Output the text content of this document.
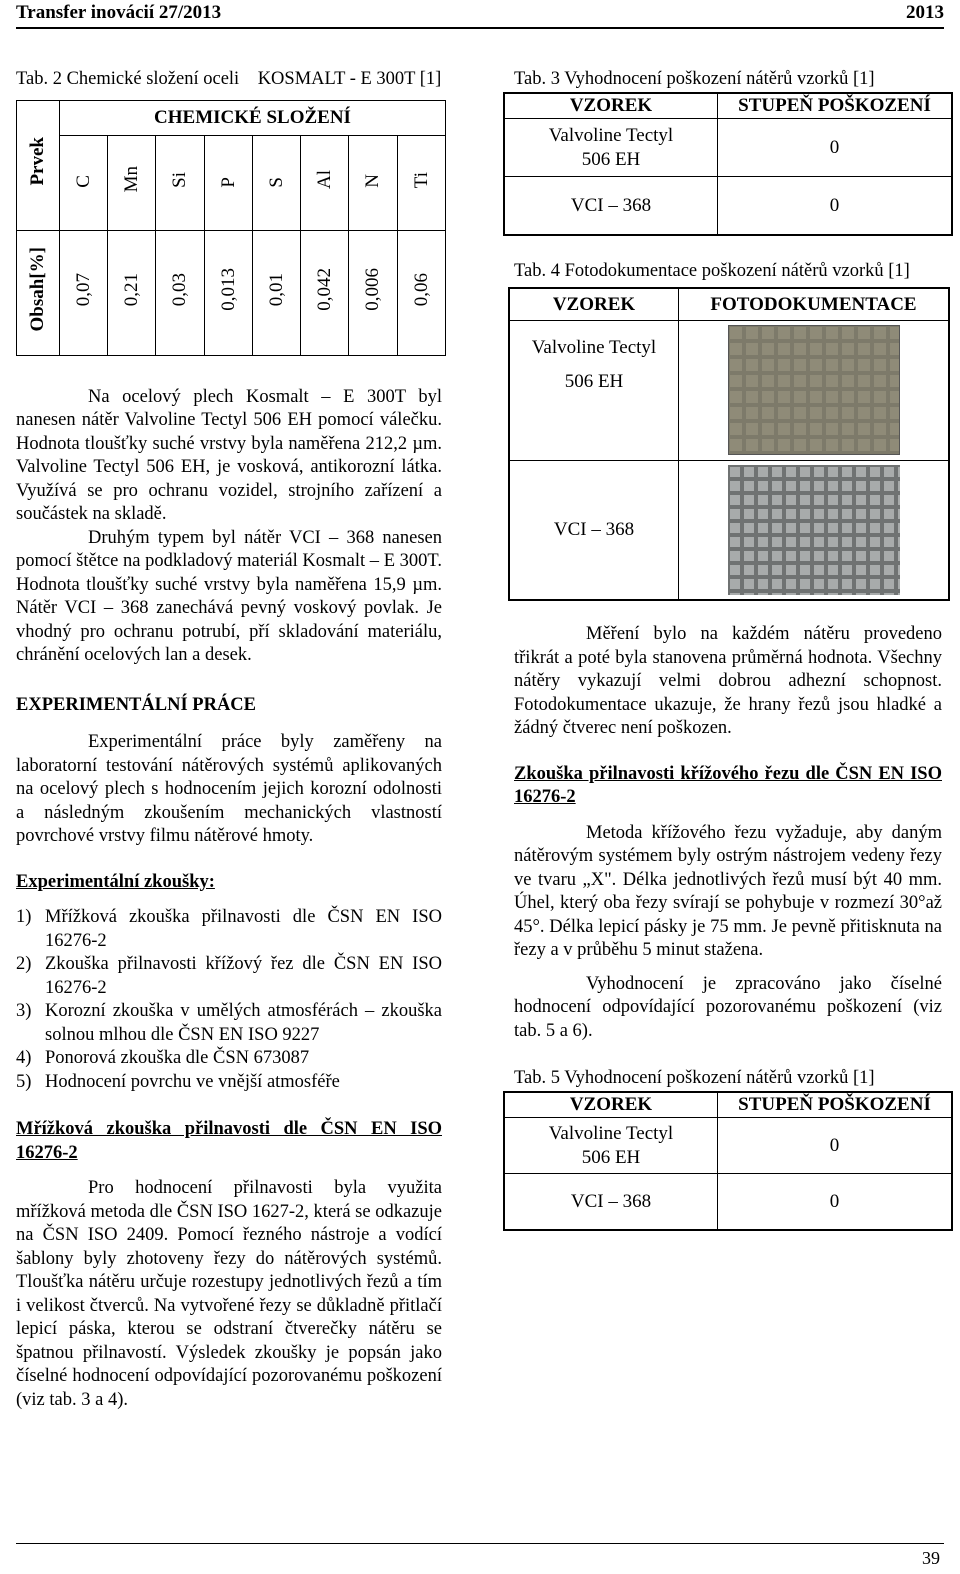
Transfer inovácií 27/2013	2013

Tab. 2 Chemické složení oceli    KOSMALT - E 300T [1]

Prvek	CHEMICKÉ SLOŽENÍ							
	C	Mn	Si	P	S	Al	N	Ti
Obsah[%]	0,07	0,21	0,03	0,013	0,01	0,042	0,006	0,06

Na ocelový plech Kosmalt – E 300T byl nanesen nátěr Valvoline Tectyl 506 EH pomocí válečku. Hodnota tloušťky suché vrstvy byla naměřena 212,2 µm. Valvoline Tectyl 506 EH, je vosková, antikorozní látka. Využívá se pro ochranu vozidel, strojního zařízení a součástek na skladě.

Druhým typem byl nátěr VCI – 368 nanesen pomocí štětce na podkladový materiál Kosmalt – E 300T. Hodnota tloušťky suché vrstvy byla naměřena 15,9 µm. Nátěr VCI – 368 zanechává pevný voskový povlak. Je vhodný pro ochranu potrubí, pří skladování materiálu, chránění ocelových lan a desek.

EXPERIMENTÁLNÍ PRÁCE

Experimentální práce byly zaměřeny na laboratorní testování nátěrových systémů aplikovaných na ocelový plech s hodnocením jejich korozní odolnosti a následným zkoušením mechanických vlastností povrchové vrstvy filmu nátěrové hmoty.

Experimentální zkoušky:

1) Mřížková zkouška přilnavosti dle ČSN EN ISO 16276-2
2) Zkouška přilnavosti křížový řez dle ČSN EN ISO 16276-2
3) Korozní zkouška v umělých atmosférách – zkouška solnou mlhou dle ČSN EN ISO 9227
4) Ponorová zkouška dle ČSN 673087
5) Hodnocení povrchu ve vnější atmosféře

Mřížková zkouška přilnavosti dle ČSN EN ISO 16276-2

Pro hodnocení přilnavosti byla využita mřížková metoda dle ČSN ISO 1627-2, která se odkazuje na ČSN ISO 2409. Pomocí řezného nástroje a vodící šablony byly zhotoveny řezy do nátěrových systémů. Tloušťka nátěru určuje rozestupy jednotlivých řezů a tím i velikost čtverců. Na vytvořené řezy se důkladně přitlačí lepicí páska, kterou se odstraní čtverečky nátěru se špatnou přilnavostí. Výsledek zkoušky je popsán jako číselné hodnocení odpovídající pozorovanému poškození (viz tab. 3 a 4).

Tab. 3 Vyhodnocení poškození nátěrů vzorků [1]

VZOREK	STUPEŇ POŠKOZENÍ

Valvoline Tectyl
506 EH	0
VCI – 368	0

Tab. 4 Fotodokumentace poškození nátěrů vzorků [1]

VZOREK	FOTODOKUMENTACE

Valvoline Tectyl
506 EH

VCI – 368	

Měření bylo na každém nátěru provedeno třikrát a poté byla stanovena průměrná hodnota. Všechny nátěry vykazují velmi dobrou adhezní schopnost. Fotodokumentace ukazuje, že hrany řezů jsou hladké a žádný čtverec není poškozen.

Zkouška přilnavosti křížového řezu dle ČSN EN ISO 16276-2

Metoda křížového řezu vyžaduje, aby daným nátěrovým systémem byly ostrým nástrojem vedeny řezy ve tvaru „X". Délka jednotlivých řezů musí být 40 mm. Úhel, který oba řezy svírají se pohybuje v rozmezí 30°až 45°. Délka lepicí pásky je 75 mm. Je pevně přitisknuta na řezy a v průběhu 5 minut stažena.

Vyhodnocení je zpracováno jako číselné hodnocení odpovídající pozorovanému poškození (viz tab. 5 a 6).

Tab. 5 Vyhodnocení poškození nátěrů vzorků [1]

VZOREK	STUPEŇ POŠKOZENÍ

Valvoline Tectyl
506 EH	0
VCI – 368	0
39
